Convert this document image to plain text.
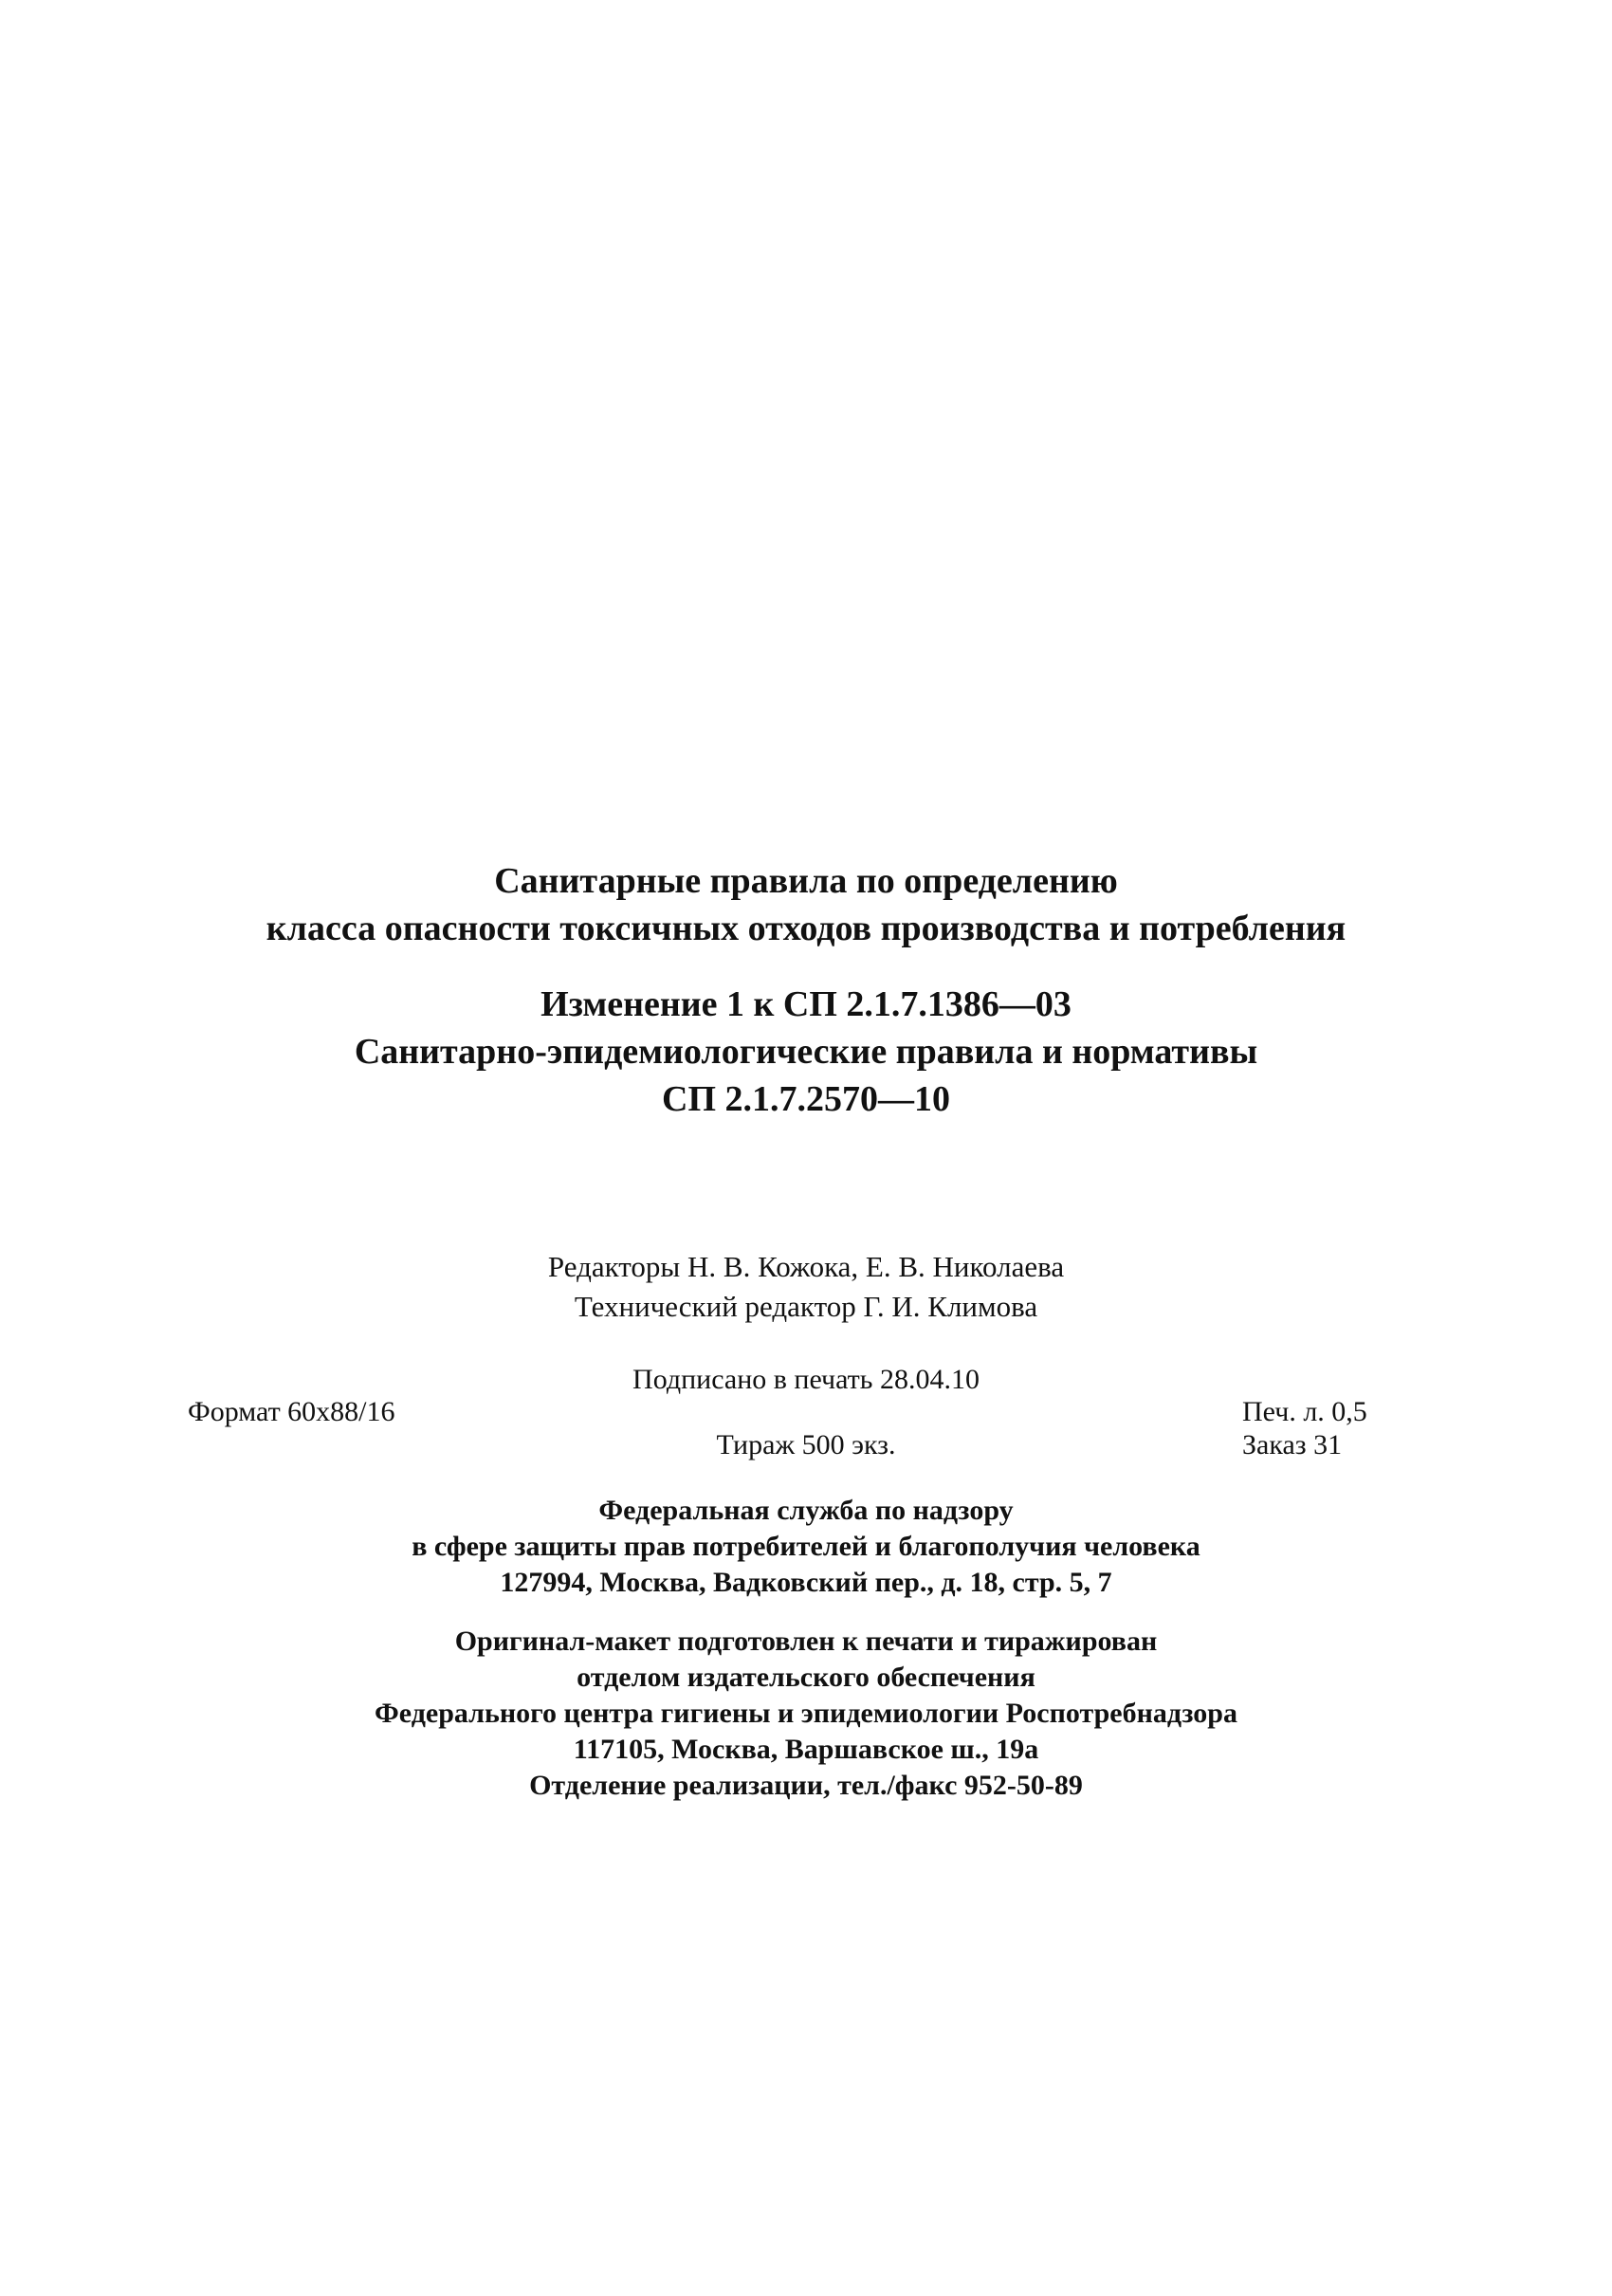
Санитарные правила по определению
класса опасности токсичных отходов производства и потребления
Изменение 1 к СП 2.1.7.1386—03
Санитарно-эпидемиологические правила и нормативы
СП 2.1.7.2570—10
Редакторы Н. В. Кожока, Е. В. Николаева
Технический редактор Г. И. Климова
Подписано в печать 28.04.10
Формат 60x88/16	Печ. л. 0,5
Тираж 500 экз.	Заказ 31
Федеральная служба по надзору
в сфере защиты прав потребителей и благополучия человека
127994, Москва, Вадковский пер., д. 18, стр. 5, 7
Оригинал-макет подготовлен к печати и тиражирован
отделом издательского обеспечения
Федерального центра гигиены и эпидемиологии Роспотребнадзора
117105, Москва, Варшавское ш., 19а
Отделение реализации, тел./факс 952-50-89
